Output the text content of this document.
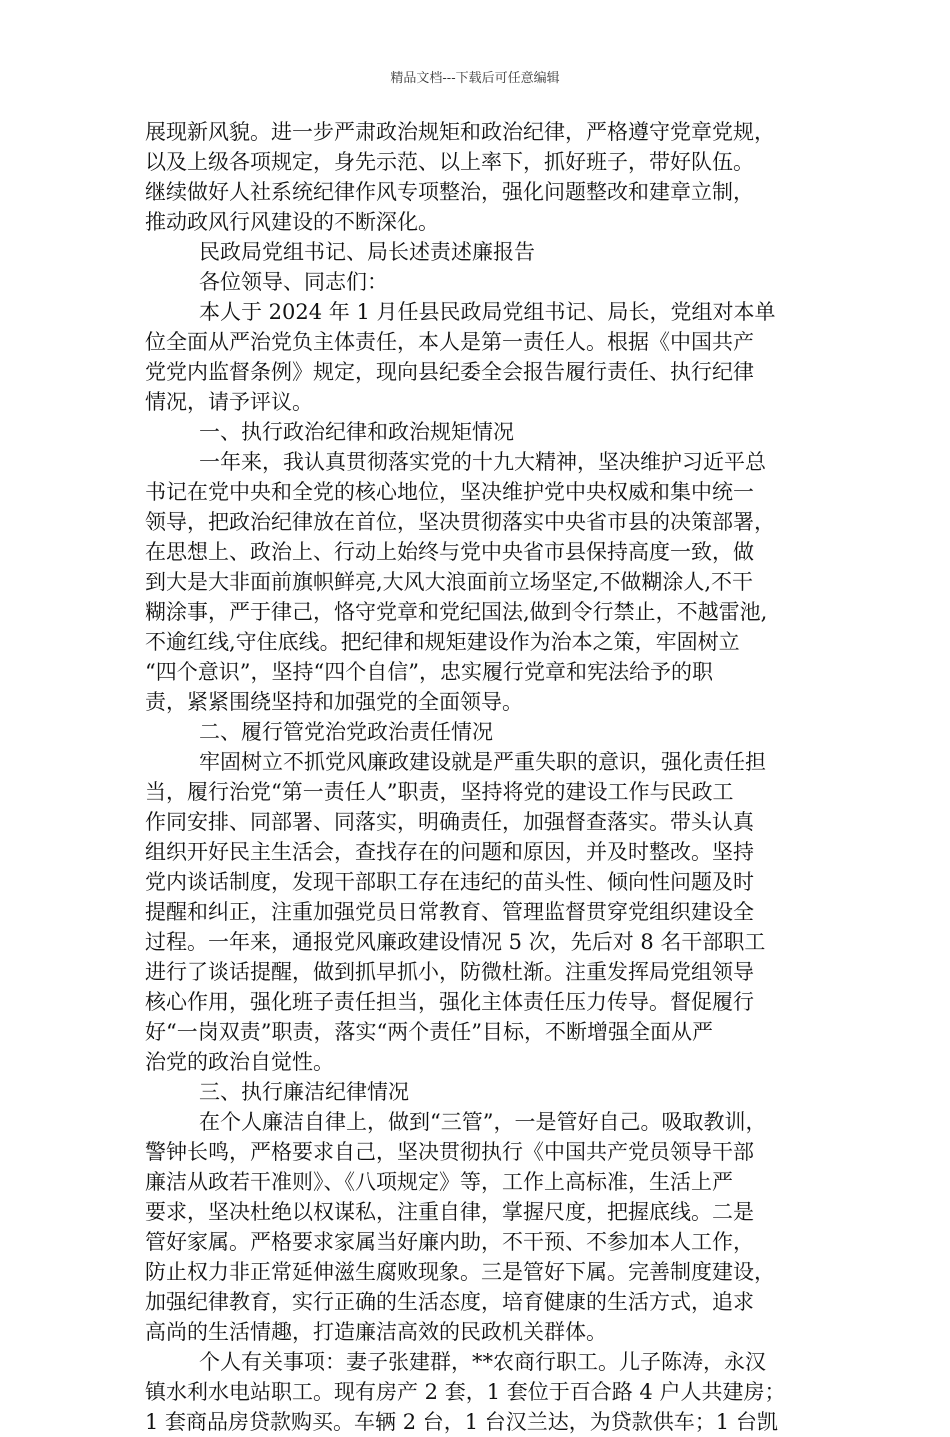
精品文档---下载后可任意编辑
展现新风貌。进一步严肃政治规矩和政治纪律，严格遵守党章党规，
以及上级各项规定，身先示范、以上率下，抓好班子，带好队伍。
继续做好人社系统纪律作风专项整治，强化问题整改和建章立制，
推动政风行风建设的不断深化。
民政局党组书记、局长述责述廉报告
各位领导、同志们：
本人于 2024 年 1 月任县民政局党组书记、局长，党组对本单
位全面从严治党负主体责任，本人是第一责任人。根据《中国共产
党党内监督条例》规定，现向县纪委全会报告履行责任、执行纪律
情况，请予评议。
一、执行政治纪律和政治规矩情况
一年来，我认真贯彻落实党的十九大精神，坚决维护习近平总
书记在党中央和全党的核心地位，坚决维护党中央权威和集中统一
领导，把政治纪律放在首位，坚决贯彻落实中央省市县的决策部署，
在思想上、政治上、行动上始终与党中央省市县保持高度一致，做
到大是大非面前旗帜鲜亮,大风大浪面前立场坚定,不做糊涂人,不干
糊涂事，严于律己，恪守党章和党纪国法,做到令行禁止，不越雷池,
不逾红线,守住底线。把纪律和规矩建设作为治本之策，牢固树立
“四个意识”，坚持“四个自信”，忠实履行党章和宪法给予的职
责，紧紧围绕坚持和加强党的全面领导。
二、履行管党治党政治责任情况
牢固树立不抓党风廉政建设就是严重失职的意识，强化责任担
当，履行治党“第一责任人”职责，坚持将党的建设工作与民政工
作同安排、同部署、同落实，明确责任，加强督查落实。带头认真
组织开好民主生活会，查找存在的问题和原因，并及时整改。坚持
党内谈话制度，发现干部职工存在违纪的苗头性、倾向性问题及时
提醒和纠正，注重加强党员日常教育、管理监督贯穿党组织建设全
过程。一年来，通报党风廉政建设情况 5 次，先后对 8 名干部职工
进行了谈话提醒，做到抓早抓小，防微杜渐。注重发挥局党组领导
核心作用，强化班子责任担当，强化主体责任压力传导。督促履行
好“一岗双责”职责，落实“两个责任”目标，不断增强全面从严
治党的政治自觉性。
三、执行廉洁纪律情况
在个人廉洁自律上，做到“三管”，一是管好自己。吸取教训，
警钟长鸣，严格要求自己，坚决贯彻执行《中国共产党员领导干部
廉洁从政若干准则》、《八项规定》等，工作上高标准，生活上严
要求，坚决杜绝以权谋私，注重自律，掌握尺度，把握底线。二是
管好家属。严格要求家属当好廉内助，不干预、不参加本人工作，
防止权力非正常延伸滋生腐败现象。三是管好下属。完善制度建设，
加强纪律教育，实行正确的生活态度，培育健康的生活方式，追求
高尚的生活情趣，打造廉洁高效的民政机关群体。
个人有关事项：妻子张建群，**农商行职工。儿子陈涛，永汉
镇水利水电站职工。现有房产 2 套，1 套位于百合路 4 户人共建房；
1 套商品房贷款购买。车辆 2 台，1 台汉兰达，为贷款供车；1 台凯
